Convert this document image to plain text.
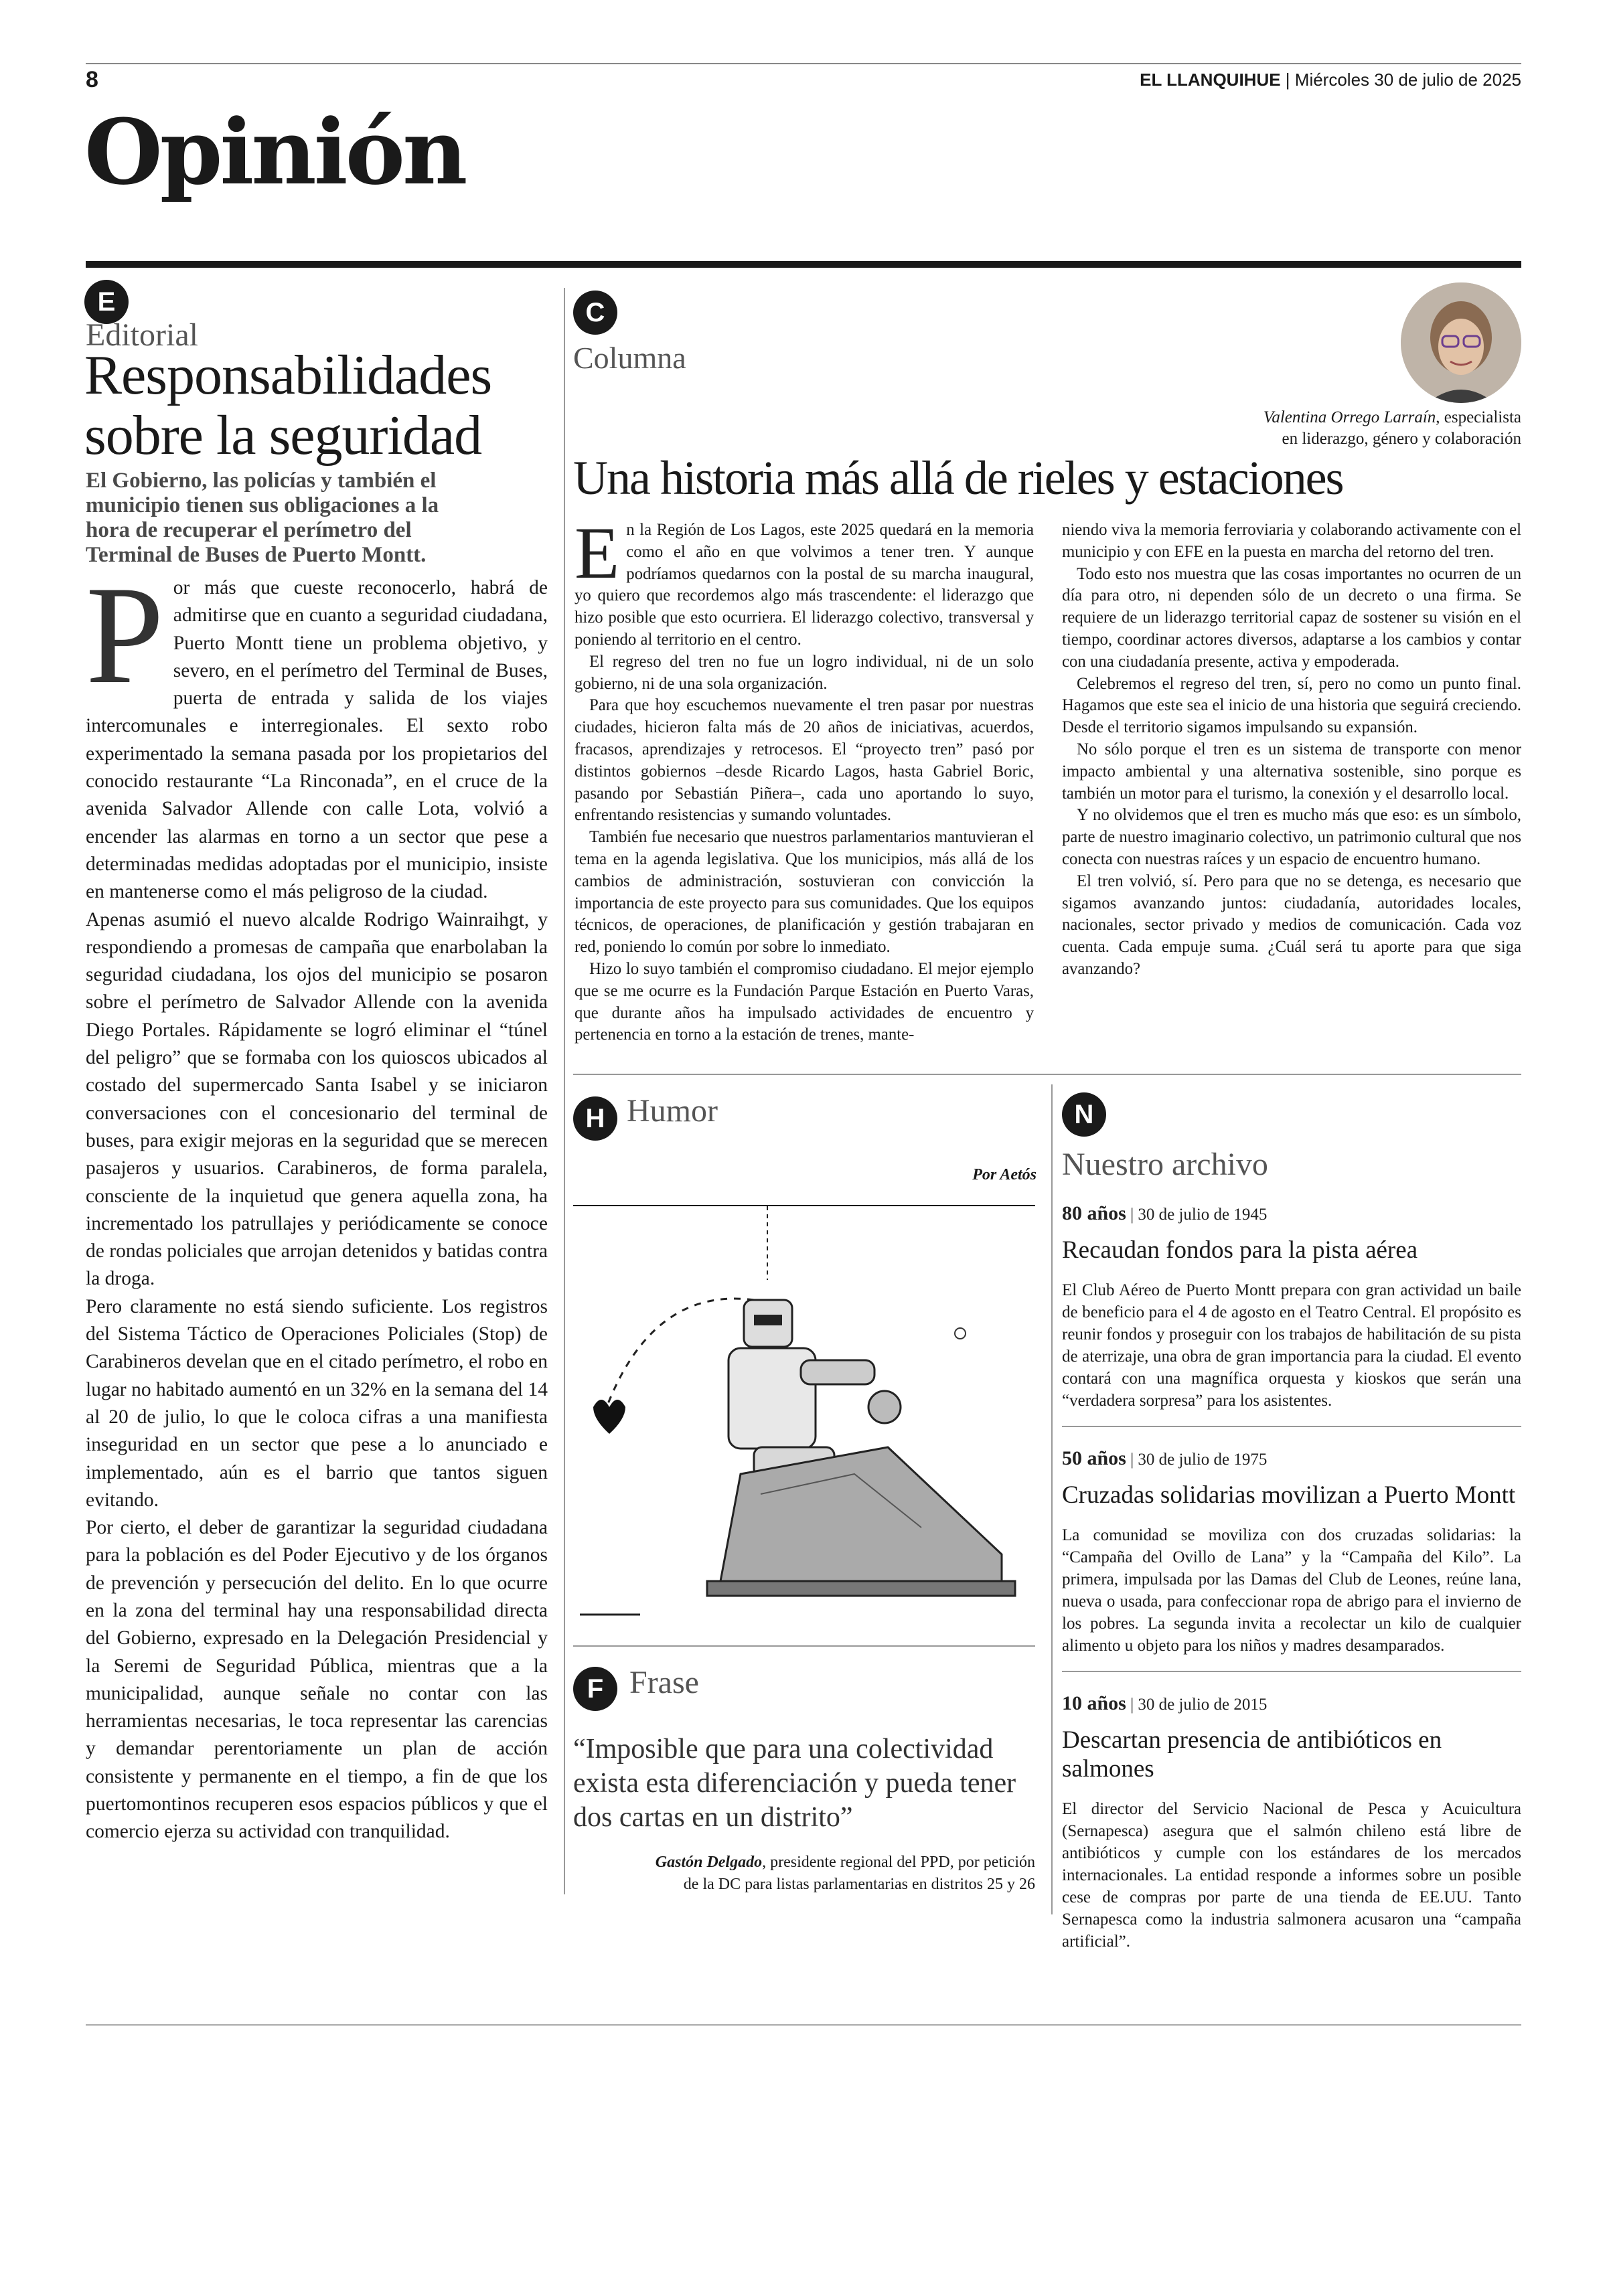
8	EL LLANQUIHUE | Miércoles 30 de julio de 2025
Opinión
E
Editorial
Responsabilidades
sobre la seguridad
El Gobierno, las policías y también el municipio tienen sus obligaciones a la hora de recuperar el perímetro del Terminal de Buses de Puerto Montt.

Por más que cueste reconocerlo, habrá de admitirse que en cuanto a seguridad ciudadana, Puerto Montt tiene un problema objetivo, y severo, en el perímetro del Terminal de Buses, puerta de entrada y salida de los viajes intercomunales e interregionales. El sexto robo experimentado la semana pasada por los propietarios del conocido restaurante “La Rinconada”, en el cruce de la avenida Salvador Allende con calle Lota, volvió a encender las alarmas en torno a un sector que pese a determinadas medidas adoptadas por el municipio, insiste en mantenerse como el más peligroso de la ciudad.

Apenas asumió el nuevo alcalde Rodrigo Wainraihgt, y respondiendo a promesas de campaña que enarbolaban la seguridad ciudadana, los ojos del municipio se posaron sobre el perímetro de Salvador Allende con la avenida Diego Portales. Rápidamente se logró eliminar el “túnel del peligro” que se formaba con los quioscos ubicados al costado del supermercado Santa Isabel y se iniciaron conversaciones con el concesionario del terminal de buses, para exigir mejoras en la seguridad que se merecen pasajeros y usuarios. Carabineros, de forma paralela, consciente de la inquietud que genera aquella zona, ha incrementado los patrullajes y periódicamente se conoce de rondas policiales que arrojan detenidos y batidas contra la droga.

Pero claramente no está siendo suficiente. Los registros del Sistema Táctico de Operaciones Policiales (Stop) de Carabineros develan que en el citado perímetro, el robo en lugar no habitado aumentó en un 32% en la semana del 14 al 20 de julio, lo que le coloca cifras a una manifiesta inseguridad en un sector que pese a lo anunciado e implementado, aún es el barrio que tantos siguen evitando.

Por cierto, el deber de garantizar la seguridad ciudadana para la población es del Poder Ejecutivo y de los órganos de prevención y persecución del delito. En lo que ocurre en la zona del terminal hay una responsabilidad directa del Gobierno, expresado en la Delegación Presidencial y la Seremi de Seguridad Pública, mientras que a la municipalidad, aunque señale no contar con las herramientas necesarias, le toca representar las carencias y demandar perentoriamente un plan de acción consistente y permanente en el tiempo, a fin de que los puertomontinos recuperen esos espacios públicos y que el comercio ejerza su actividad con tranquilidad.

C
Columna
Valentina Orrego Larraín, especialista
en liderazgo, género y colaboración
Una historia más allá de rieles y estaciones

En la Región de Los Lagos, este 2025 quedará en la memoria como el año en que volvimos a tener tren. Y aunque podríamos quedarnos con la postal de su marcha inaugural, yo quiero que recordemos algo más trascendente: el liderazgo que hizo posible que esto ocurriera. El liderazgo colectivo, transversal y poniendo al territorio en el centro.

El regreso del tren no fue un logro individual, ni de un solo gobierno, ni de una sola organización.

Para que hoy escuchemos nuevamente el tren pasar por nuestras ciudades, hicieron falta más de 20 años de iniciativas, acuerdos, fracasos, aprendizajes y retrocesos. El “proyecto tren” pasó por distintos gobiernos –desde Ricardo Lagos, hasta Gabriel Boric, pasando por Sebastián Piñera–, cada uno aportando lo suyo, enfrentando resistencias y sumando voluntades.

También fue necesario que nuestros parlamentarios mantuvieran el tema en la agenda legislativa. Que los municipios, más allá de los cambios de administración, sostuvieran con convicción la importancia de este proyecto para sus comunidades. Que los equipos técnicos, de operaciones, de planificación y gestión trabajaran en red, poniendo lo común por sobre lo inmediato.

Hizo lo suyo también el compromiso ciudadano. El mejor ejemplo que se me ocurre es la Fundación Parque Estación en Puerto Varas, que durante años ha impulsado actividades de encuentro y pertenencia en torno a la estación de trenes, mante-

niendo viva la memoria ferroviaria y colaborando activamente con el municipio y con EFE en la puesta en marcha del retorno del tren.

Todo esto nos muestra que las cosas importantes no ocurren de un día para otro, ni dependen sólo de un decreto o una firma. Se requiere de un liderazgo territorial capaz de sostener su visión en el tiempo, coordinar actores diversos, adaptarse a los cambios y contar con una ciudadanía presente, activa y empoderada.

Celebremos el regreso del tren, sí, pero no como un punto final. Hagamos que este sea el inicio de una historia que seguirá creciendo. Desde el territorio sigamos impulsando su expansión.

No sólo porque el tren es un sistema de transporte con menor impacto ambiental y una alternativa sostenible, sino porque es también un motor para el turismo, la conexión y el desarrollo local.

Y no olvidemos que el tren es mucho más que eso: es un símbolo, parte de nuestro imaginario colectivo, un patrimonio cultural que nos conecta con nuestras raíces y un espacio de encuentro humano.

El tren volvió, sí. Pero para que no se detenga, es necesario que sigamos avanzando juntos: ciudadanía, autoridades locales, nacionales, sector privado y medios de comunicación. Cada voz cuenta. Cada empuje suma. ¿Cuál será tu aporte para que siga avanzando?

H Humor
Por Aetós
F Frase
“Imposible que para una colectividad exista esta diferenciación y pueda tener dos cartas en un distrito”
Gastón Delgado, presidente regional del PPD, por petición
de la DC para listas parlamentarias en distritos 25 y 26
N
Nuestro archivo
80 años | 30 de julio de 1945
Recaudan fondos para la pista aérea
El Club Aéreo de Puerto Montt prepara con gran actividad un baile de beneficio para el 4 de agosto en el Teatro Central. El propósito es reunir fondos y proseguir con los trabajos de habilitación de su pista de aterrizaje, una obra de gran importancia para la ciudad. El evento contará con una magnífica orquesta y kioskos que serán una “verdadera sorpresa” para los asistentes.
50 años | 30 de julio de 1975
Cruzadas solidarias movilizan a Puerto Montt
La comunidad se moviliza con dos cruzadas solidarias: la “Campaña del Ovillo de Lana” y la “Campaña del Kilo”. La primera, impulsada por las Damas del Club de Leones, reúne lana, nueva o usada, para confeccionar ropa de abrigo para el invierno de los pobres. La segunda invita a recolectar un kilo de cualquier alimento u objeto para los niños y madres desamparados.
10 años | 30 de julio de 2015
Descartan presencia de antibióticos en salmones
El director del Servicio Nacional de Pesca y Acuicultura (Sernapesca) asegura que el salmón chileno está libre de antibióticos y cumple con los estándares de los mercados internacionales. La entidad responde a informes sobre un posible cese de compras por parte de una tienda de EE.UU. Tanto Sernapesca como la industria salmonera acusaron una “campaña artificial”.
